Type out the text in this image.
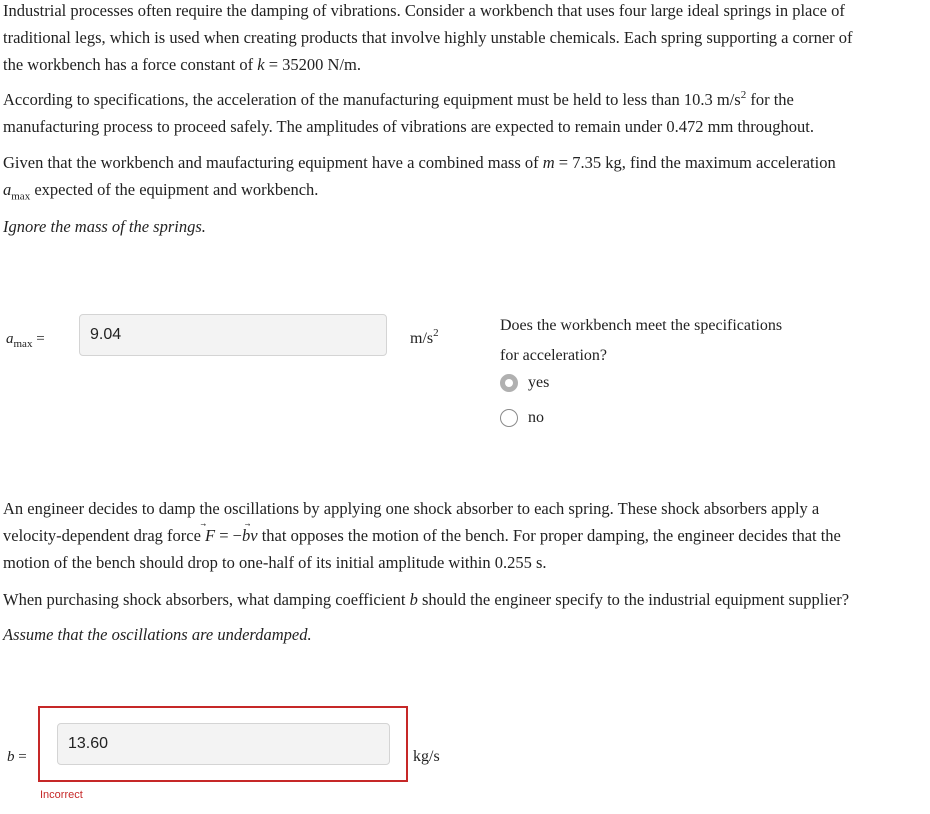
Industrial processes often require the damping of vibrations. Consider a workbench that uses four large ideal springs in place of
traditional legs, which is used when creating products that involve highly unstable chemicals. Each spring supporting a corner of
the workbench has a force constant of k = 35200 N/m.
According to specifications, the acceleration of the manufacturing equipment must be held to less than 10.3 $m/s^2$ for the
manufacturing process to proceed safely. The amplitudes of vibrations are expected to remain under 0.472 mm throughout.
Given that the workbench and maufacturing equipment have a combined mass of m = 7.35 kg, find the maximum acceleration
$a_{max}$ expected of the equipment and workbench.
Ignore the mass of the springs.
$a_{max}$ =	9.04	$m/s^2$	Does the workbench meet the specifications
for acceleration?
yes
no
An engineer decides to damp the oscillations by applying one shock absorber to each spring. These shock absorbers apply a
velocity-dependent drag force F
= −bv
that opposes the motion of the bench. For proper damping, the engineer decides that the
motion of the bench should drop to one-half of its initial amplitude within 0.255 s.
When purchasing shock absorbers, what damping coefficient b should the engineer specify to the industrial equipment supplier?
Assume that the oscillations are underdamped.
b =
13.60
kg/s
Incorrect
